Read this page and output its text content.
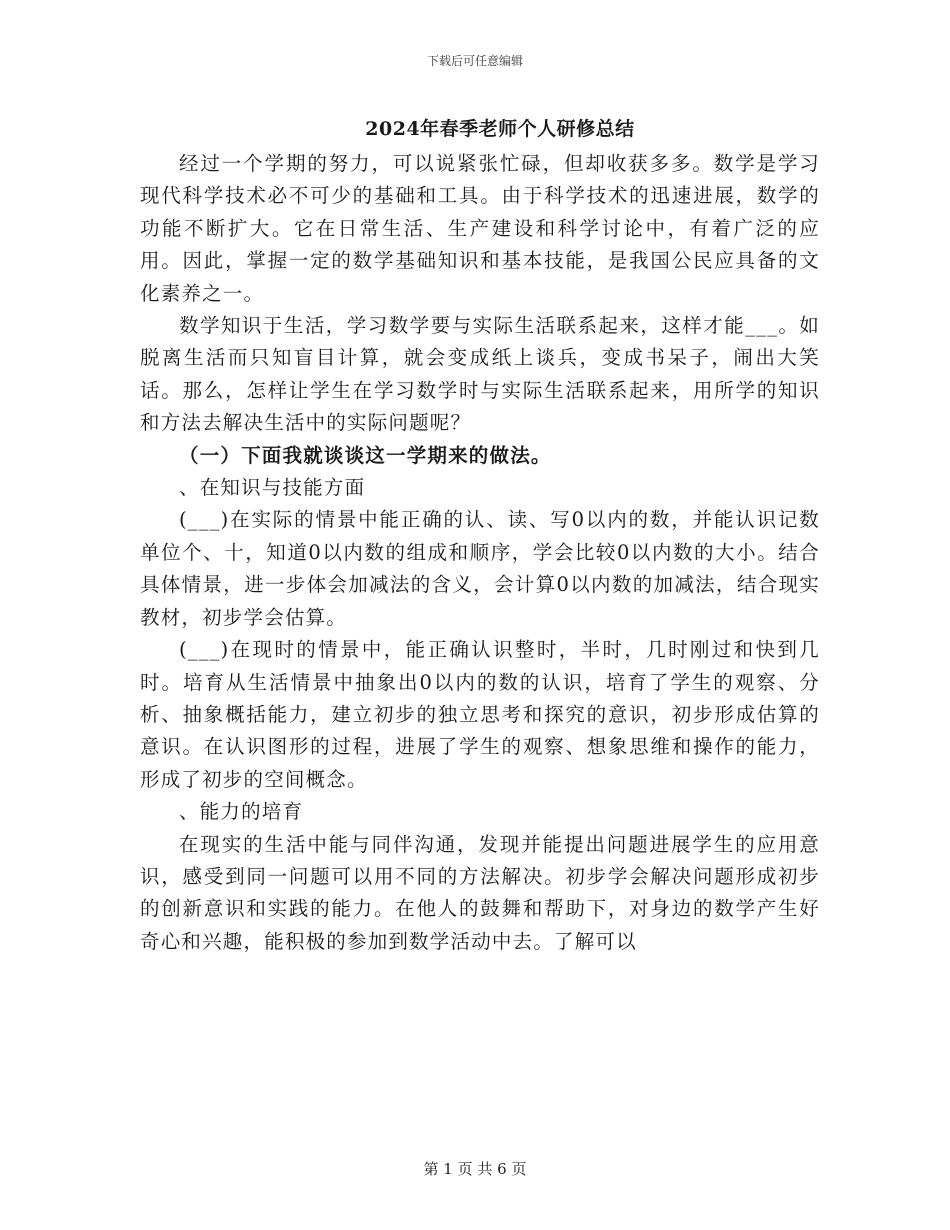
下载后可任意编辑
2024年春季老师个人研修总结

经过一个学期的努力，可以说紧张忙碌，但却收获多多。数学是学习现代科学技术必不可少的基础和工具。由于科学技术的迅速进展，数学的功能不断扩大。它在日常生活、生产建设和科学讨论中，有着广泛的应用。因此，掌握一定的数学基础知识和基本技能，是我国公民应具备的文化素养之一。

数学知识于生活，学习数学要与实际生活联系起来，这样才能___。如脱离生活而只知盲目计算，就会变成纸上谈兵，变成书呆子，闹出大笑话。那么，怎样让学生在学习数学时与实际生活联系起来，用所学的知识和方法去解决生活中的实际问题呢？

（一）下面我就谈谈这一学期来的做法。

、在知识与技能方面

(___)在实际的情景中能正确的认、读、写0以内的数，并能认识记数单位个、十，知道0以内数的组成和顺序，学会比较0以内数的大小。结合具体情景，进一步体会加减法的含义，会计算0以内数的加减法，结合现实教材，初步学会估算。

(___)在现时的情景中，能正确认识整时，半时，几时刚过和快到几时。培育从生活情景中抽象出0以内的数的认识，培育了学生的观察、分析、抽象概括能力，建立初步的独立思考和探究的意识，初步形成估算的意识。在认识图形的过程，进展了学生的观察、想象思维和操作的能力，形成了初步的空间概念。

、能力的培育

在现实的生活中能与同伴沟通，发现并能提出问题进展学生的应用意识，感受到同一问题可以用不同的方法解决。初步学会解决问题形成初步的创新意识和实践的能力。在他人的鼓舞和帮助下，对身边的数学产生好奇心和兴趣，能积极的参加到数学活动中去。了解可以

第 1 页 共 6 页
